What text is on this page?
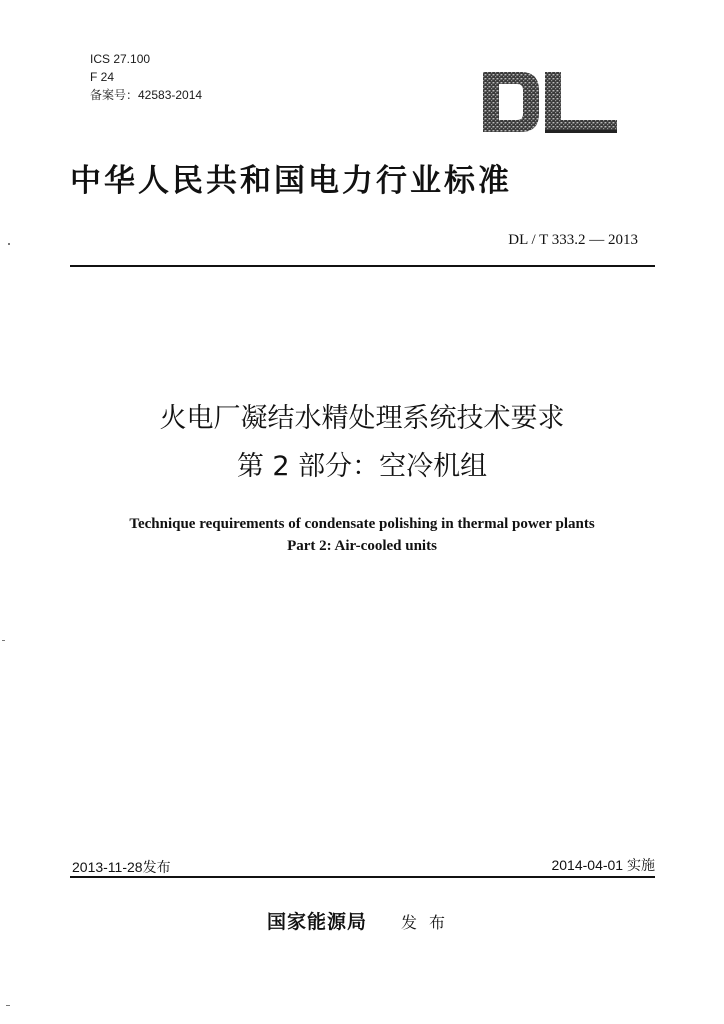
ICS 27.100
F 24
备案号：42583-2014
中华人民共和国电力行业标准
DL / T 333.2 — 2013
火电厂凝结水精处理系统技术要求
第 2 部分：空冷机组
Technique requirements of condensate polishing in thermal power plants
Part 2: Air-cooled units
2013-11-28发布	2014-04-01 实施
国家能源局 发布
